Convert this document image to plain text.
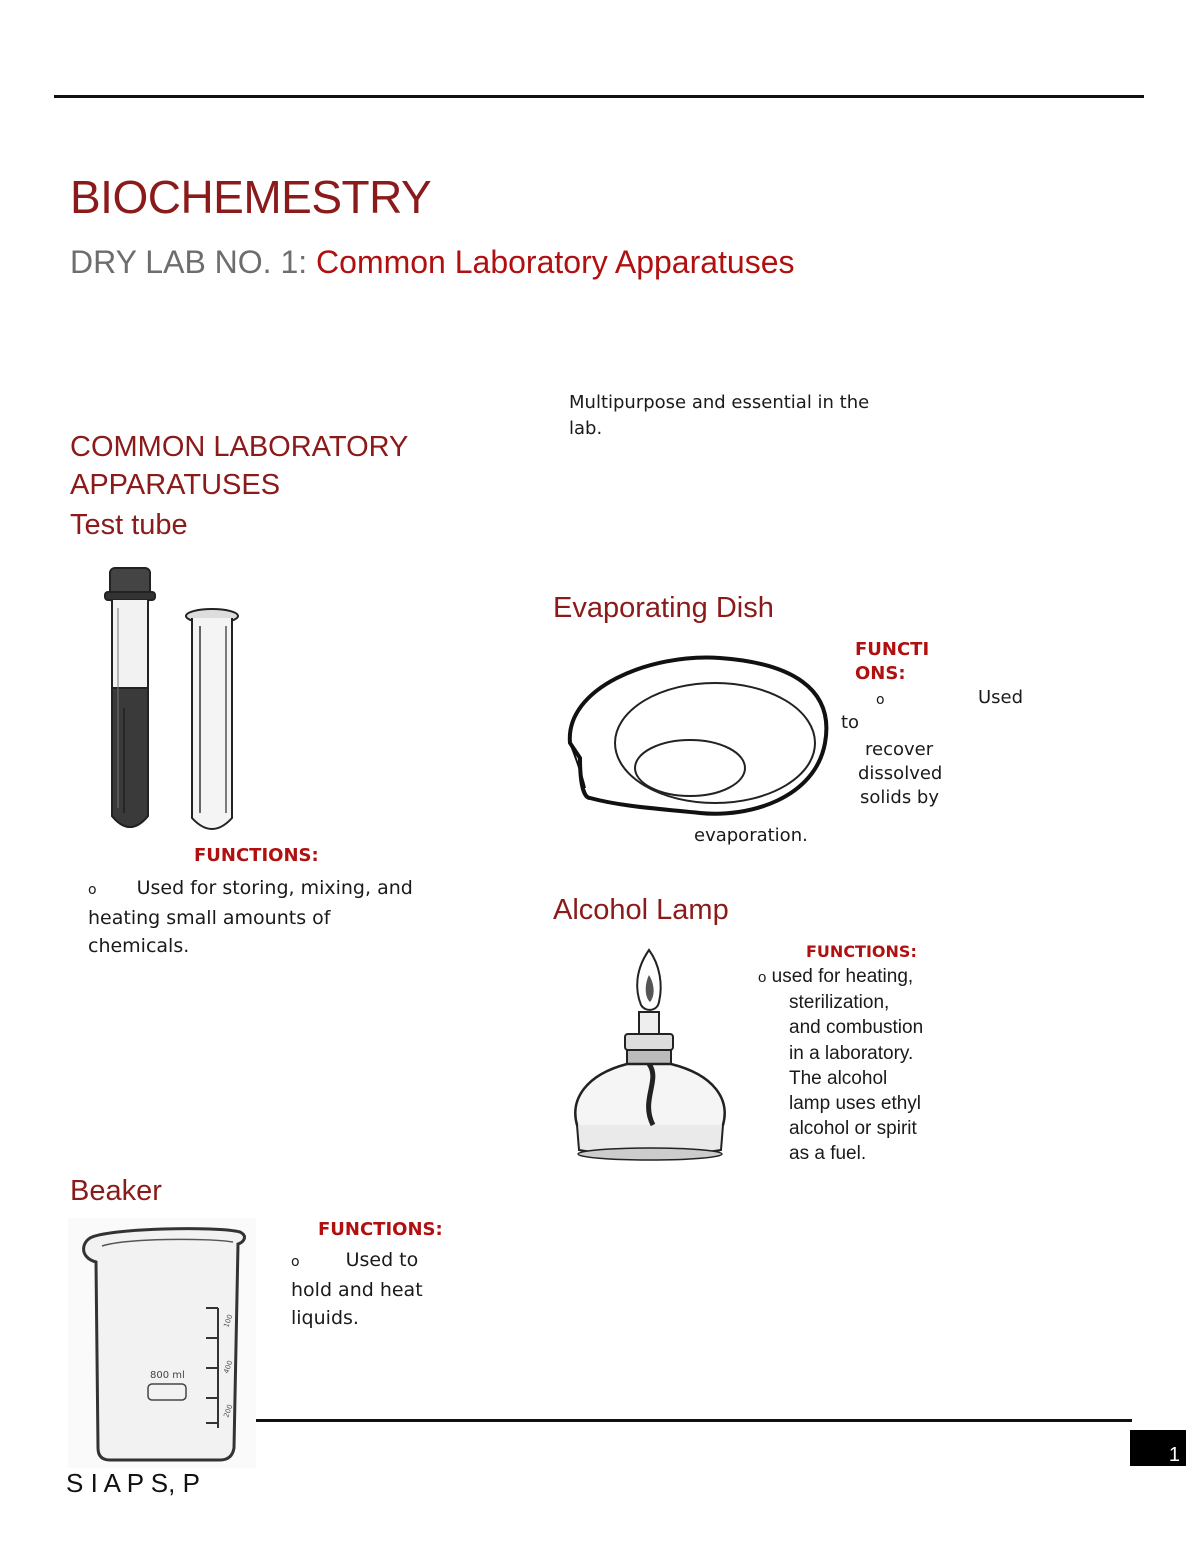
BIOCHEMESTRY
DRY LAB NO. 1: Common Laboratory Apparatuses
COMMON LABORATORY
APPARATUSES
Multipurpose and essential in the
lab.
Test tube
FUNCTIONS:
o Used for storing, mixing, and
heating small amounts of
chemicals.
Evaporating Dish
FUNCTI
ONS:
o	Used
to
recover
dissolved
solids by
evaporation.
Alcohol Lamp
FUNCTIONS:
o used for heating,
sterilization,
and combustion
in a laboratory.
The alcohol
lamp uses ethyl
alcohol or spirit
as a fuel.
Beaker
100
400
200
800 ml
FUNCTIONS:
o Used to
hold and heat
liquids.
S I A P S, P
1
